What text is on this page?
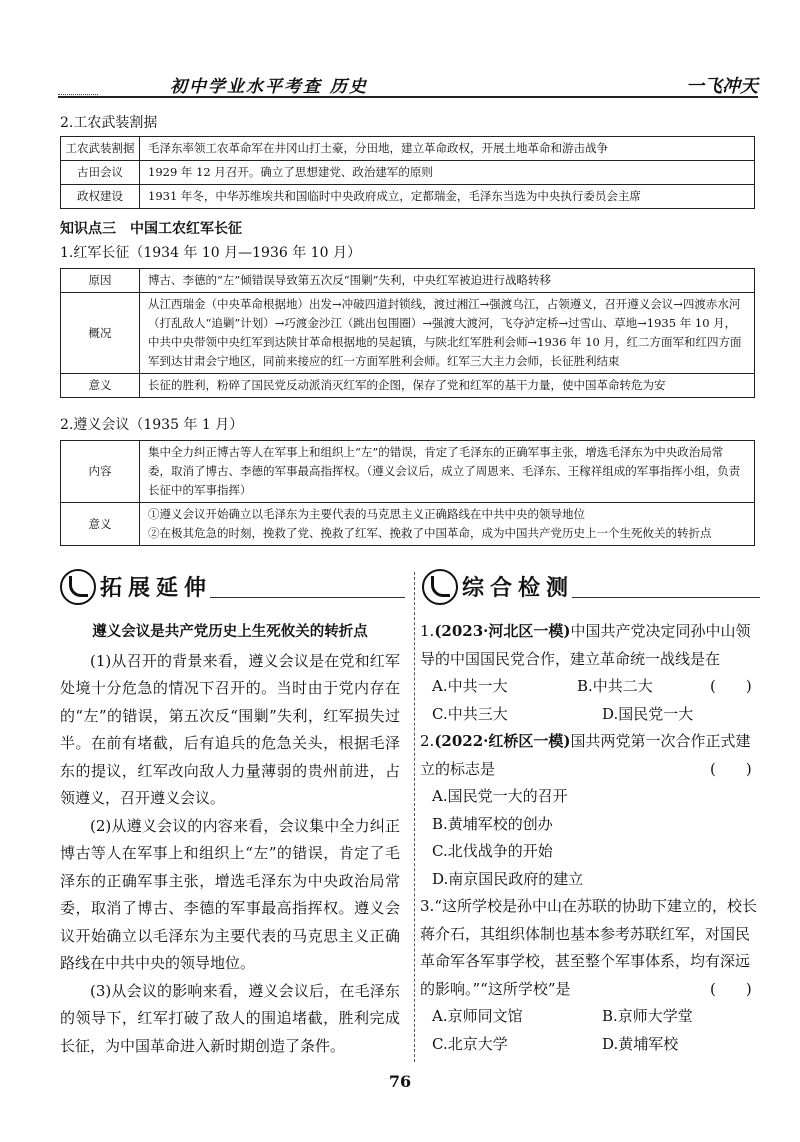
初中学业水平考查 历史	一飞冲天
2.工农武装割据
工农武装割据	毛泽东率领工农革命军在井冈山打土豪，分田地，建立革命政权，开展土地革命和游击战争
古田会议	1929 年 12 月召开。确立了思想建党、政治建军的原则
政权建设	1931 年冬，中华苏维埃共和国临时中央政府成立，定都瑞金，毛泽东当选为中央执行委员会主席
知识点三　中国工农红军长征
1.红军长征（1934 年 10 月—1936 年 10 月）
原因	博古、李德的“左”倾错误导致第五次反“围剿”失利，中央红军被迫进行战略转移
概况	从江西瑞金（中央革命根据地）出发→冲破四道封锁线，渡过湘江→强渡乌江，占领遵义，召开遵义会议→四渡赤水河（打乱敌人“追剿”计划）→巧渡金沙江（跳出包围圈）→强渡大渡河，飞夺泸定桥→过雪山、草地→1935 年 10 月，中共中央带领中央红军到达陕甘革命根据地的吴起镇，与陕北红军胜利会师→1936 年 10 月，红二方面军和红四方面军到达甘肃会宁地区，同前来接应的红一方面军胜利会师。红军三大主力会师，长征胜利结束
意义	长征的胜利，粉碎了国民党反动派消灭红军的企图，保存了党和红军的基干力量，使中国革命转危为安
2.遵义会议（1935 年 1 月）
内容	集中全力纠正博古等人在军事上和组织上“左”的错误，肯定了毛泽东的正确军事主张，增选毛泽东为中央政治局常委，取消了博古、李德的军事最高指挥权。（遵义会议后，成立了周恩来、毛泽东、王稼祥组成的军事指挥小组，负责长征中的军事指挥）
意义	①遵义会议开始确立以毛泽东为主要代表的马克思主义正确路线在中共中央的领导地位
②在极其危急的时刻，挽救了党、挽救了红军、挽救了中国革命，成为中国共产党历史上一个生死攸关的转折点
拓展延伸	综合检测

遵义会议是共产党历史上生死攸关的转折点

(1)从召开的背景来看，遵义会议是在党和红军处境十分危急的情况下召开的。当时由于党内存在的“左”的错误，第五次反“围剿”失利，红军损失过半。在前有堵截，后有追兵的危急关头，根据毛泽东的提议，红军改向敌人力量薄弱的贵州前进，占领遵义，召开遵义会议。

(2)从遵义会议的内容来看，会议集中全力纠正博古等人在军事上和组织上“左”的错误，肯定了毛泽东的正确军事主张，增选毛泽东为中央政治局常委，取消了博古、李德的军事最高指挥权。遵义会议开始确立以毛泽东为主要代表的马克思主义正确路线在中共中央的领导地位。

(3)从会议的影响来看，遵义会议后，在毛泽东的领导下，红军打破了敌人的围追堵截，胜利完成长征，为中国革命进入新时期创造了条件。

1.(2023·河北区一模)中国共产党决定同孙中山领导的中国国民党合作，建立革命统一战线是在
(　　)
A.中共一大	B.中共二大
C.中共三大	D.国民党一大
2.(2022·红桥区一模)国共两党第一次合作正式建立的标志是	(　　)
A.国民党一大的召开
B.黄埔军校的创办
C.北伐战争的开始
D.南京国民政府的建立
3.“这所学校是孙中山在苏联的协助下建立的，校长蒋介石，其组织体制也基本参考苏联红军，对国民革命军各军事学校，甚至整个军事体系，均有深远的影响。”“这所学校”是	(　　)
A.京师同文馆	B.京师大学堂
C.北京大学	D.黄埔军校
76
